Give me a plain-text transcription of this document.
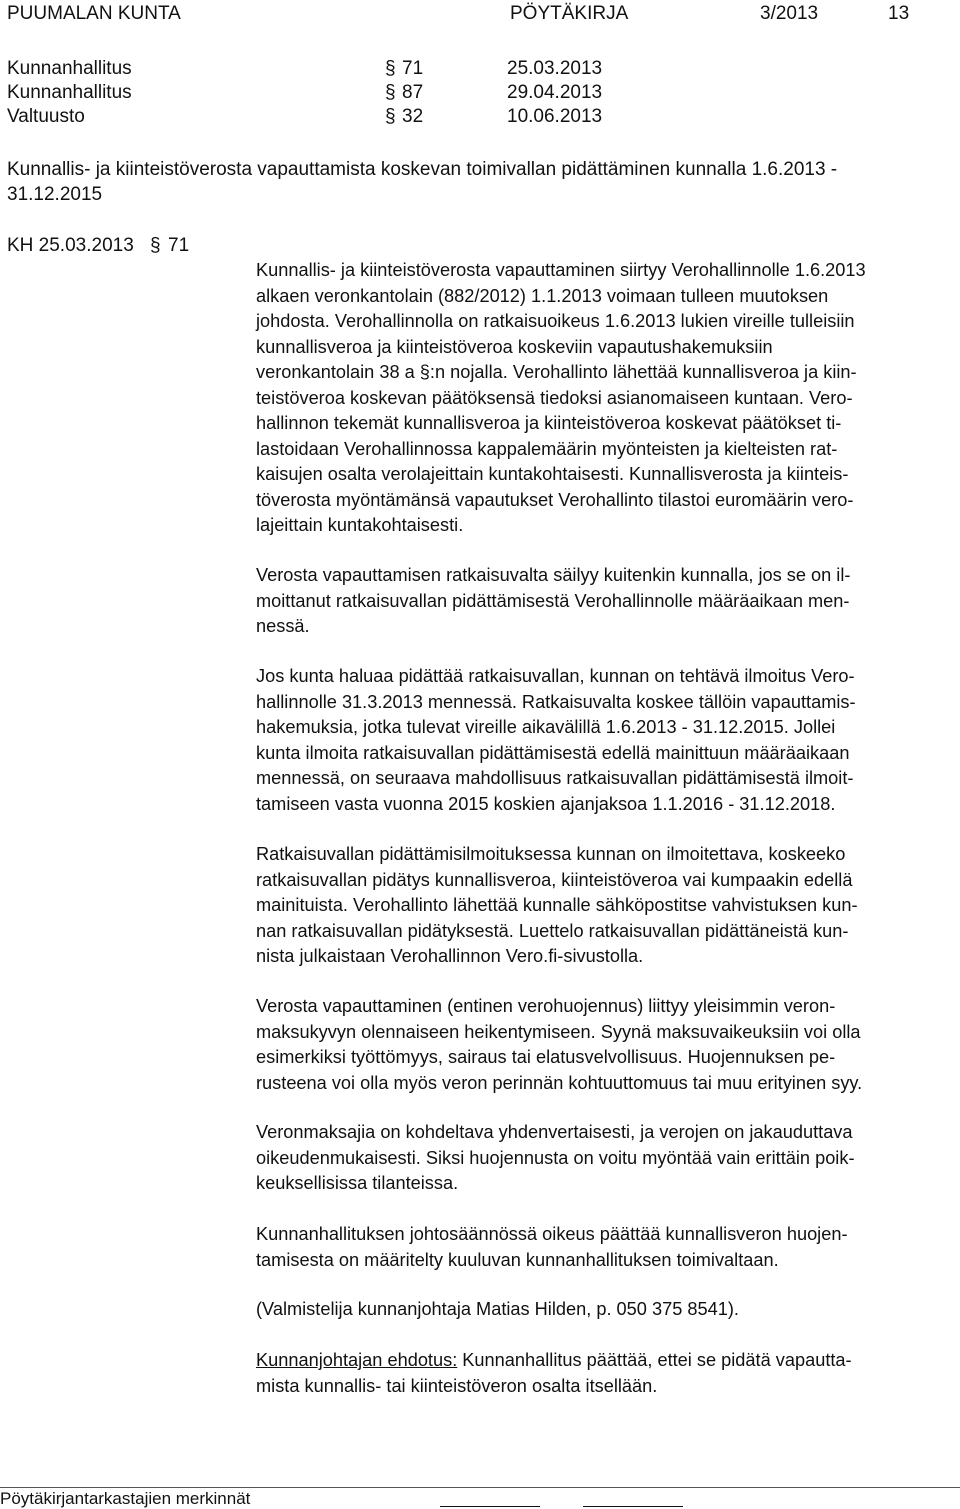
PUUMALAN KUNTA	PÖYTÄKIRJA	3/2013	13
Kunnanhallitus §	71	25.03.2013
Kunnanhallitus §	87	29.04.2013
Valtuusto §	32	10.06.2013
Kunnallis- ja kiinteistöverosta vapauttamista koskevan toimivallan pidättäminen kunnalla 1.6.2013 -
31.12.2015
KH 25.03.2013 § 71
Kunnallis- ja kiinteistöverosta vapauttaminen siirtyy Verohallinnolle 1.6.2013
alkaen veronkantolain (882/2012) 1.1.2013 voimaan tulleen muutoksen
johdosta. Verohallinnolla on ratkaisuoikeus 1.6.2013 lukien vireille tulleisiin
kunnallisveroa ja kiinteistöveroa koskeviin vapautushakemuksiin
veronkantolain 38 a §:n nojalla. Verohallinto lähettää kunnallisveroa ja kiin-
teistöveroa koskevan päätöksensä tiedoksi asianomaiseen kuntaan. Vero-
hallinnon tekemät kunnallisveroa ja kiinteistöveroa koskevat päätökset ti-
lastoidaan Verohallinnossa kappalemäärin myönteisten ja kielteisten rat-
kaisujen osalta verolajeittain kuntakohtaisesti. Kunnallisverosta ja kiinteis-
töverosta myöntämänsä vapautukset Verohallinto tilastoi euromäärin vero-
lajeittain kuntakohtaisesti.
Verosta vapauttamisen ratkaisuvalta säilyy kuitenkin kunnalla, jos se on il-
moittanut ratkaisuvallan pidättämisestä Verohallinnolle määräaikaan men-
nessä.
Jos kunta haluaa pidättää ratkaisuvallan, kunnan on tehtävä ilmoitus Vero-
hallinnolle 31.3.2013 mennessä. Ratkaisuvalta koskee tällöin vapauttamis-
hakemuksia, jotka tulevat vireille aikavälillä 1.6.2013 - 31.12.2015. Jollei
kunta ilmoita ratkaisuvallan pidättämisestä edellä mainittuun määräaikaan
mennessä, on seuraava mahdollisuus ratkaisuvallan pidättämisestä ilmoit-
tamiseen vasta vuonna 2015 koskien ajanjaksoa 1.1.2016 - 31.12.2018.
Ratkaisuvallan pidättämisilmoituksessa kunnan on ilmoitettava, koskeeko
ratkaisuvallan pidätys kunnallisveroa, kiinteistöveroa vai kumpaakin edellä
mainituista. Verohallinto lähettää kunnalle sähköpostitse vahvistuksen kun-
nan ratkaisuvallan pidätyksestä. Luettelo ratkaisuvallan pidättäneistä kun-
nista julkaistaan Verohallinnon Vero.fi-sivustolla.
Verosta vapauttaminen (entinen verohuojennus) liittyy yleisimmin veron-
maksukyvyn olennaiseen heikentymiseen. Syynä maksuvaikeuksiin voi olla
esimerkiksi työttömyys, sairaus tai elatusvelvollisuus. Huojennuksen pe-
rusteena voi olla myös veron perinnän kohtuuttomuus tai muu erityinen syy.
Veronmaksajia on kohdeltava yhdenvertaisesti, ja verojen on jakauduttava
oikeudenmukaisesti. Siksi huojennusta on voitu myöntää vain erittäin poik-
keuksellisissa tilanteissa.
Kunnanhallituksen johtosäännössä oikeus päättää kunnallisveron huojen-
tamisesta on määritelty kuuluvan kunnanhallituksen toimivaltaan.
(Valmistelija kunnanjohtaja Matias Hilden, p. 050 375 8541).
Kunnanjohtajan ehdotus: Kunnanhallitus päättää, ettei se pidätä vapautta-
mista kunnallis- tai kiinteistöveron osalta itsellään.
Pöytäkirjantarkastajien merkinnät
